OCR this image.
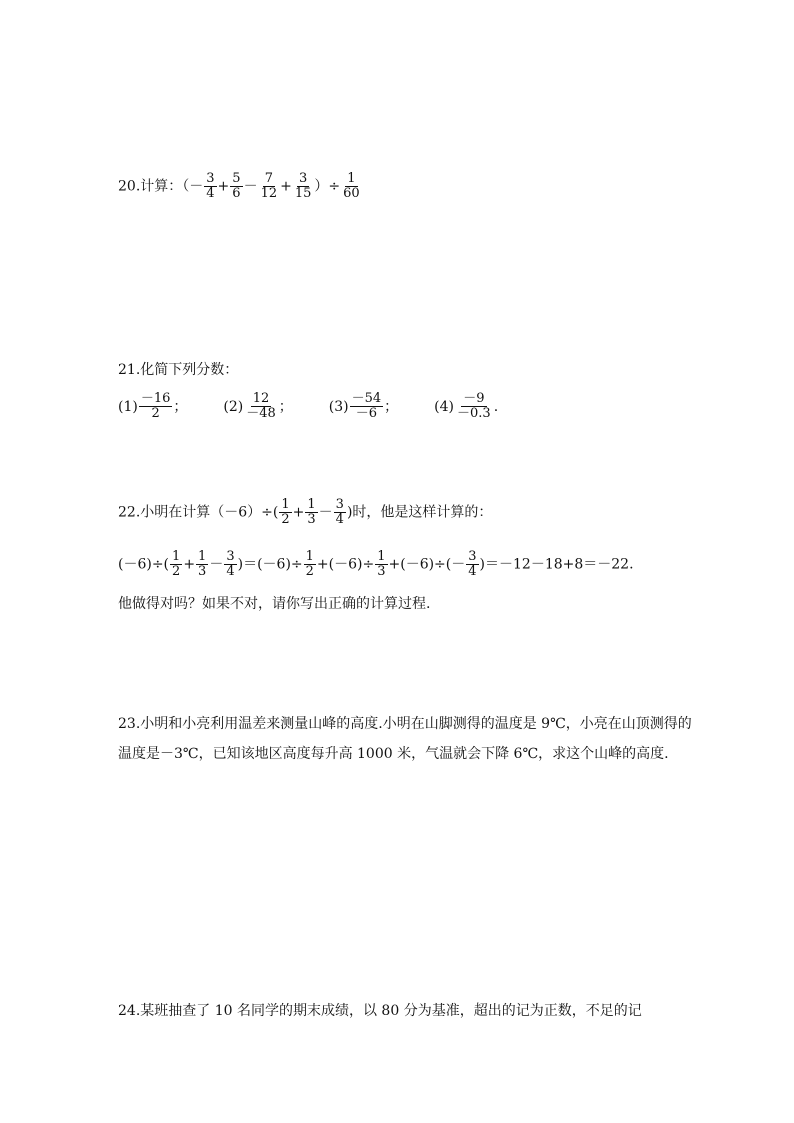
20.计算：（－ $\frac{3}{4} + \frac{5}{6} - \frac{7}{12} + \frac{3}{15}$ ）÷ $\frac{1}{60}$
21.化简下列分数：
$(1) \frac{-16}{2}$ ；	$(2) \frac{12}{-48}$ ；	$(3) \frac{-54}{-6}$ ；	$(4) \frac{-9}{-0.3}$ .
22.小明在计算$(-6)\div( \frac{1}{2} + \frac{1}{3} - \frac{3}{4}$ )时，他是这样计算的：
$(-6)\div( \frac{1}{2} + \frac{1}{3} - \frac{3}{4} )=(-6)\div \frac{1}{2} +(-6)\div \frac{1}{3} +(-6)\div(- \frac{3}{4} )=-12-18+8=-22$.
他做得对吗？如果不对，请你写出正确的计算过程.
23.小明和小亮利用温差来测量山峰的高度.小明在山脚测得的温度是 9℃，小亮在山顶测得的温度是－3℃，已知该地区高度每升高 1000 米，气温就会下降 6℃，求这个山峰的高度.
24.某班抽查了 10 名同学的期末成绩，以 80 分为基准，超出的记为正数，不足的记
